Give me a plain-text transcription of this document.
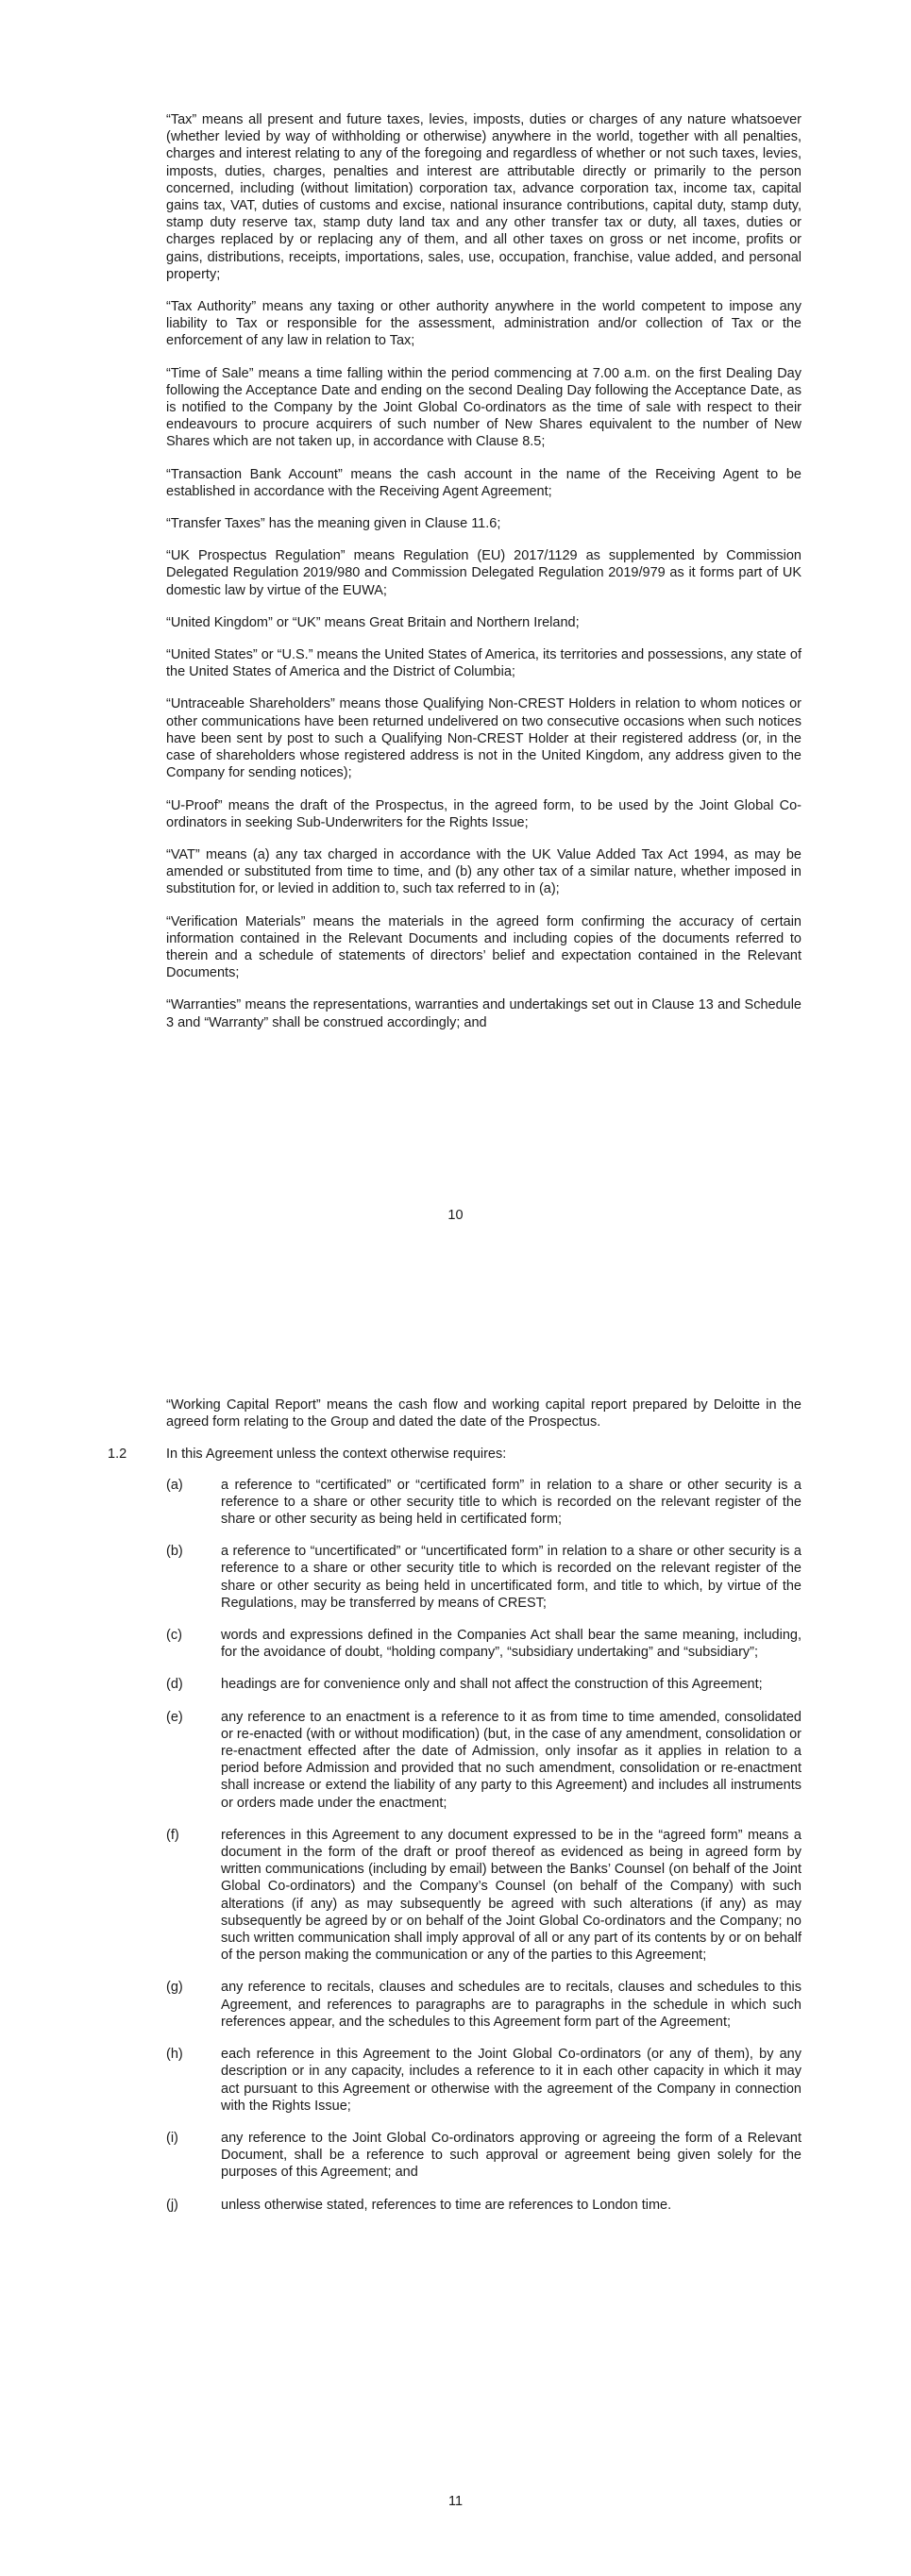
“Tax” means all present and future taxes, levies, imposts, duties or charges of any nature whatsoever (whether levied by way of withholding or otherwise) anywhere in the world, together with all penalties, charges and interest relating to any of the foregoing and regardless of whether or not such taxes, levies, imposts, duties, charges, penalties and interest are attributable directly or primarily to the person concerned, including (without limitation) corporation tax, advance corporation tax, income tax, capital gains tax, VAT, duties of customs and excise, national insurance contributions, capital duty, stamp duty, stamp duty reserve tax, stamp duty land tax and any other transfer tax or duty, all taxes, duties or charges replaced by or replacing any of them, and all other taxes on gross or net income, profits or gains, distributions, receipts, importations, sales, use, occupation, franchise, value added, and personal property;

“Tax Authority” means any taxing or other authority anywhere in the world competent to impose any liability to Tax or responsible for the assessment, administration and/or collection of Tax or the enforcement of any law in relation to Tax;

“Time of Sale” means a time falling within the period commencing at 7.00 a.m. on the first Dealing Day following the Acceptance Date and ending on the second Dealing Day following the Acceptance Date, as is notified to the Company by the Joint Global Co-ordinators as the time of sale with respect to their endeavours to procure acquirers of such number of New Shares equivalent to the number of New Shares which are not taken up, in accordance with Clause 8.5;

“Transaction Bank Account” means the cash account in the name of the Receiving Agent to be established in accordance with the Receiving Agent Agreement;

“Transfer Taxes” has the meaning given in Clause 11.6;

“UK Prospectus Regulation” means Regulation (EU) 2017/1129 as supplemented by Commission Delegated Regulation 2019/980 and Commission Delegated Regulation 2019/979 as it forms part of UK domestic law by virtue of the EUWA;

“United Kingdom” or “UK” means Great Britain and Northern Ireland;

“United States” or “U.S.” means the United States of America, its territories and possessions, any state of the United States of America and the District of Columbia;

“Untraceable Shareholders” means those Qualifying Non-CREST Holders in relation to whom notices or other communications have been returned undelivered on two consecutive occasions when such notices have been sent by post to such a Qualifying Non-CREST Holder at their registered address (or, in the case of shareholders whose registered address is not in the United Kingdom, any address given to the Company for sending notices);

“U-Proof” means the draft of the Prospectus, in the agreed form, to be used by the Joint Global Co-ordinators in seeking Sub-Underwriters for the Rights Issue;

“VAT” means (a) any tax charged in accordance with the UK Value Added Tax Act 1994, as may be amended or substituted from time to time, and (b) any other tax of a similar nature, whether imposed in substitution for, or levied in addition to, such tax referred to in (a);

“Verification Materials” means the materials in the agreed form confirming the accuracy of certain information contained in the Relevant Documents and including copies of the documents referred to therein and a schedule of statements of directors’ belief and expectation contained in the Relevant Documents;

“Warranties” means the representations, warranties and undertakings set out in Clause 13 and Schedule 3 and “Warranty” shall be construed accordingly; and

10

“Working Capital Report” means the cash flow and working capital report prepared by Deloitte in the agreed form relating to the Group and dated the date of the Prospectus.

1.2	In this Agreement unless the context otherwise requires:
(a)	a reference to “certificated” or “certificated form” in relation to a share or other security is a reference to a share or other security title to which is recorded on the relevant register of the share or other security as being held in certificated form;
(b)	a reference to “uncertificated” or “uncertificated form” in relation to a share or other security is a reference to a share or other security title to which is recorded on the relevant register of the share or other security as being held in uncertificated form, and title to which, by virtue of the Regulations, may be transferred by means of CREST;
(c)	words and expressions defined in the Companies Act shall bear the same meaning, including, for the avoidance of doubt, “holding company”, “subsidiary undertaking” and “subsidiary”;
(d)	headings are for convenience only and shall not affect the construction of this Agreement;
(e)	any reference to an enactment is a reference to it as from time to time amended, consolidated or re-enacted (with or without modification) (but, in the case of any amendment, consolidation or re-enactment effected after the date of Admission, only insofar as it applies in relation to a period before Admission and provided that no such amendment, consolidation or re-enactment shall increase or extend the liability of any party to this Agreement) and includes all instruments or orders made under the enactment;
(f)	references in this Agreement to any document expressed to be in the “agreed form” means a document in the form of the draft or proof thereof as evidenced as being in agreed form by written communications (including by email) between the Banks’ Counsel (on behalf of the Joint Global Co-ordinators) and the Company’s Counsel (on behalf of the Company) with such alterations (if any) as may subsequently be agreed with such alterations (if any) as may subsequently be agreed by or on behalf of the Joint Global Co-ordinators and the Company; no such written communication shall imply approval of all or any part of its contents by or on behalf of the person making the communication or any of the parties to this Agreement;
(g)	any reference to recitals, clauses and schedules are to recitals, clauses and schedules to this Agreement, and references to paragraphs are to paragraphs in the schedule in which such references appear, and the schedules to this Agreement form part of the Agreement;
(h)	each reference in this Agreement to the Joint Global Co-ordinators (or any of them), by any description or in any capacity, includes a reference to it in each other capacity in which it may act pursuant to this Agreement or otherwise with the agreement of the Company in connection with the Rights Issue;
(i)	any reference to the Joint Global Co-ordinators approving or agreeing the form of a Relevant Document, shall be a reference to such approval or agreement being given solely for the purposes of this Agreement; and
(j)	unless otherwise stated, references to time are references to London time.
11
